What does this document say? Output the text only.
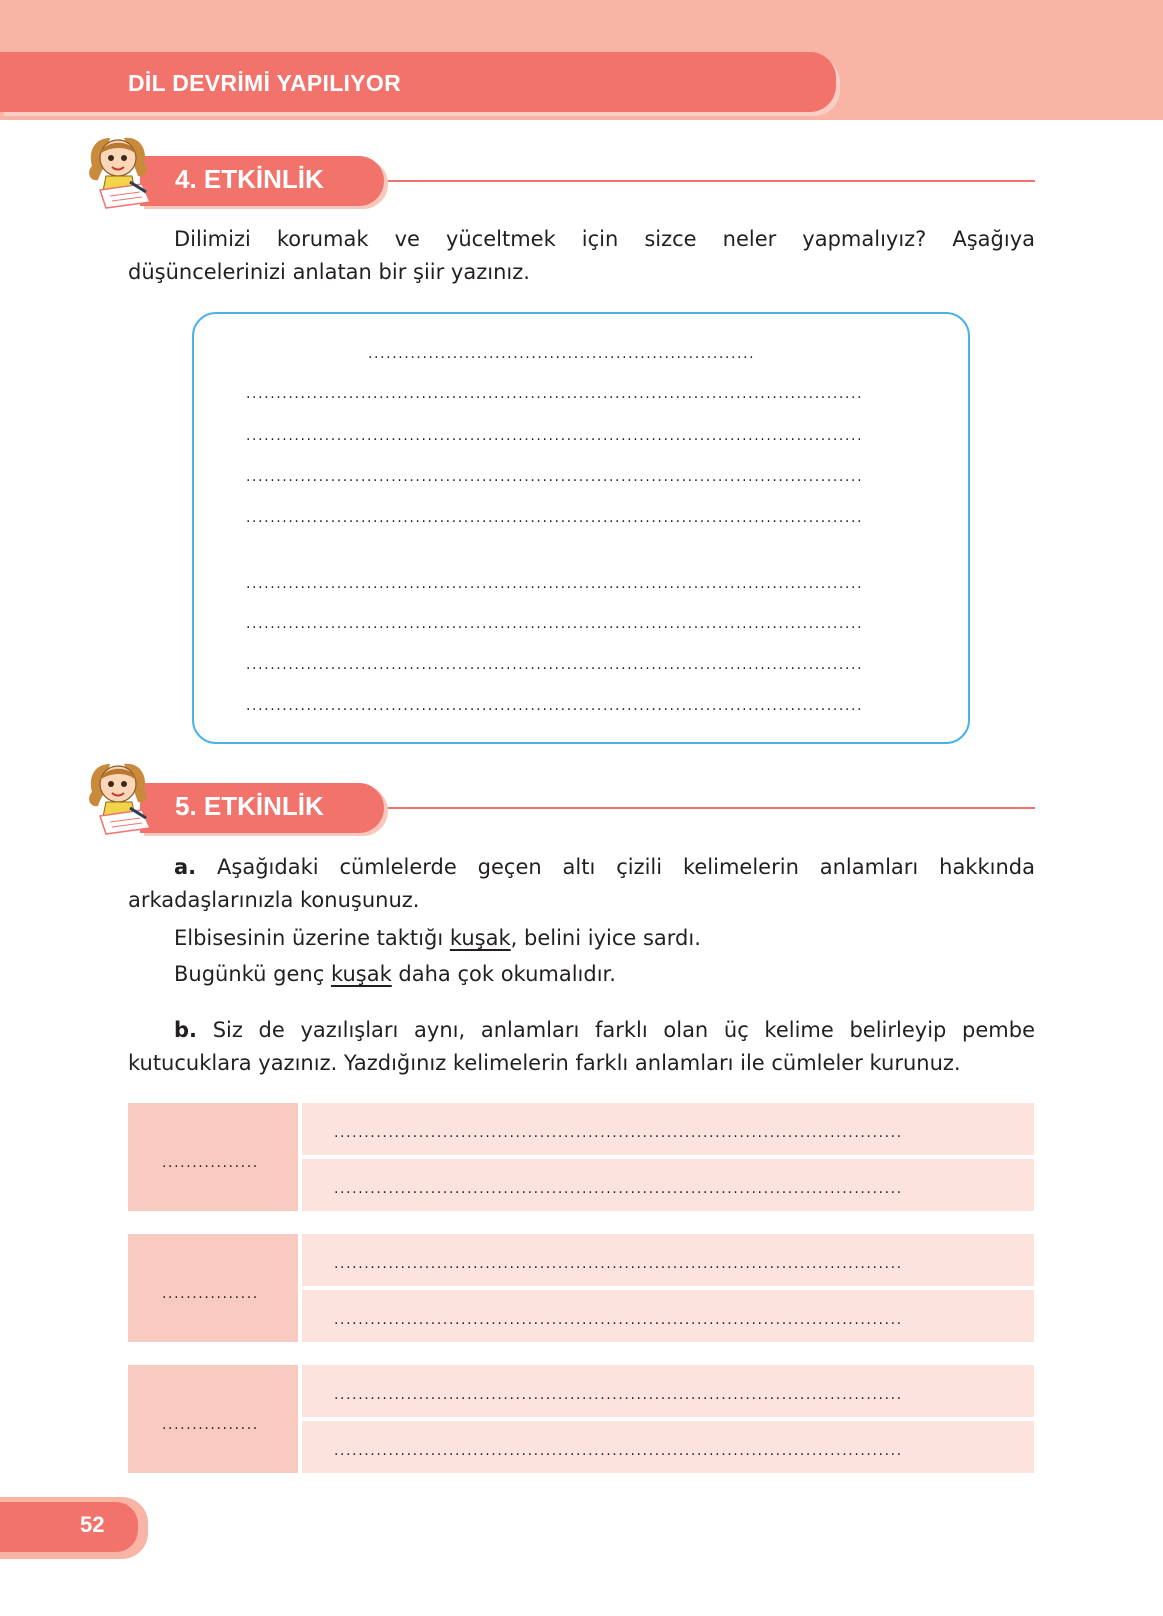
DİL DEVRİMİ YAPILIYOR
4. ETKİNLİK
Dilimizi korumak ve yüceltmek için sizce neler yapmalıyız? Aşağıya düşüncelerinizi anlatan bir şiir yazınız.
................................................................
......................................................................................................
......................................................................................................
......................................................................................................
......................................................................................................
......................................................................................................
......................................................................................................
......................................................................................................
......................................................................................................
5. ETKİNLİK
a. Aşağıdaki cümlelerde geçen altı çizili kelimelerin anlamları hakkında arkadaşlarınızla konuşunuz.
Elbisesinin üzerine taktığı kuşak, belini iyice sardı.
Bugünkü genç kuşak daha çok okumalıdır.
b. Siz de yazılışları aynı, anlamları farklı olan üç kelime belirleyip pembe kutucuklara yazınız. Yazdığınız kelimelerin farklı anlamları ile cümleler kurunuz.
................
..............................................................................................
..............................................................................................
................
..............................................................................................
..............................................................................................
................
..............................................................................................
..............................................................................................
52
